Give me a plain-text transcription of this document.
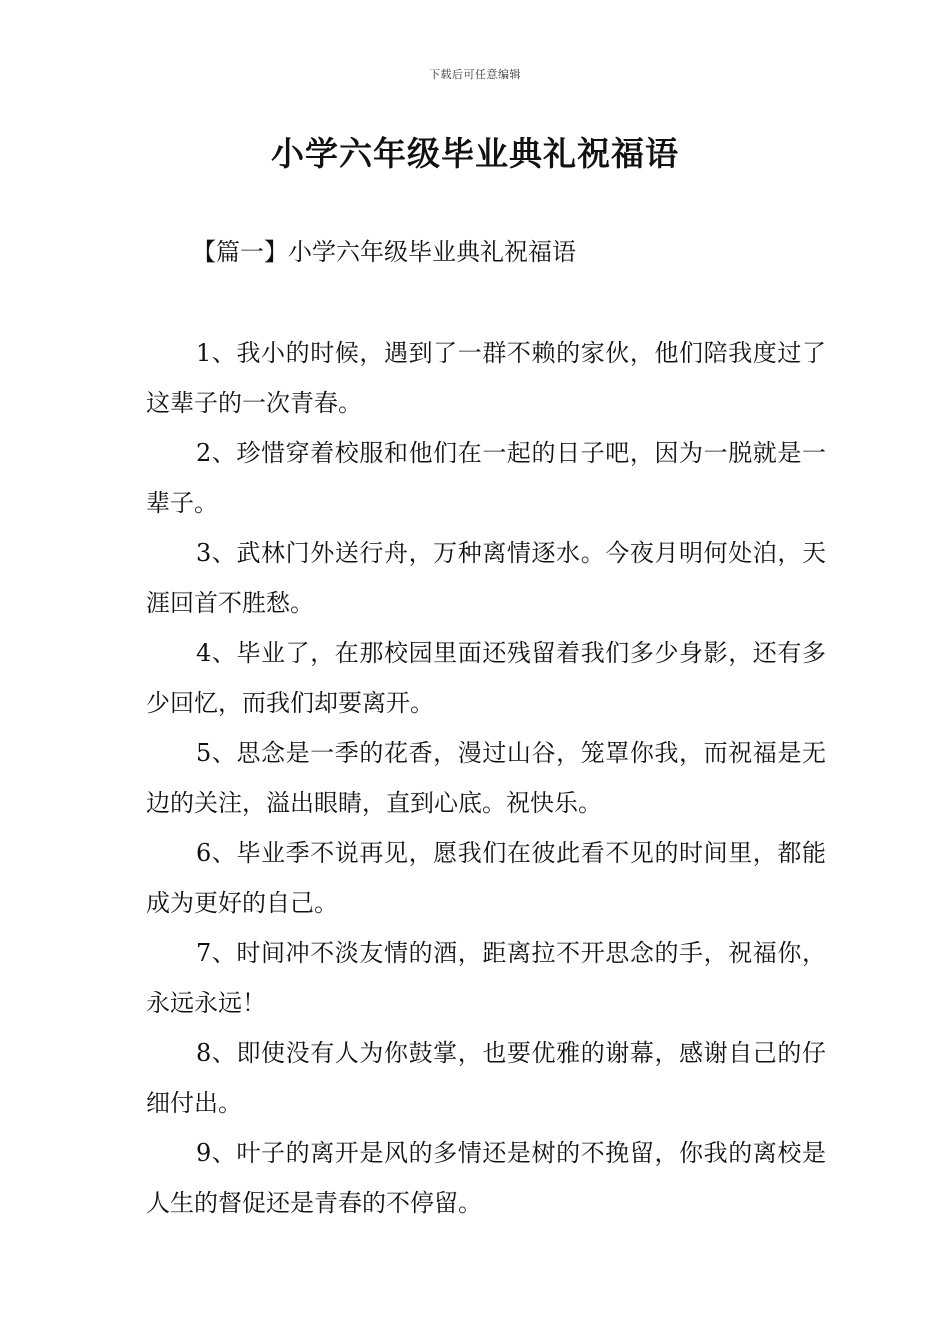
下载后可任意编辑
小学六年级毕业典礼祝福语
【篇一】小学六年级毕业典礼祝福语

1、我小的时候，遇到了一群不赖的家伙，他们陪我度过了这辈子的一次青春。

2、珍惜穿着校服和他们在一起的日子吧，因为一脱就是一辈子。

3、武林门外送行舟，万种离情逐水。今夜月明何处泊，天涯回首不胜愁。

4、毕业了，在那校园里面还残留着我们多少身影，还有多少回忆，而我们却要离开。

5、思念是一季的花香，漫过山谷，笼罩你我，而祝福是无边的关注，溢出眼睛，直到心底。祝快乐。

6、毕业季不说再见，愿我们在彼此看不见的时间里，都能成为更好的自己。

7、时间冲不淡友情的酒，距离拉不开思念的手，祝福你，永远永远！

8、即使没有人为你鼓掌，也要优雅的谢幕，感谢自己的仔细付出。

9、叶子的离开是风的多情还是树的不挽留，你我的离校是人生的督促还是青春的不停留。
